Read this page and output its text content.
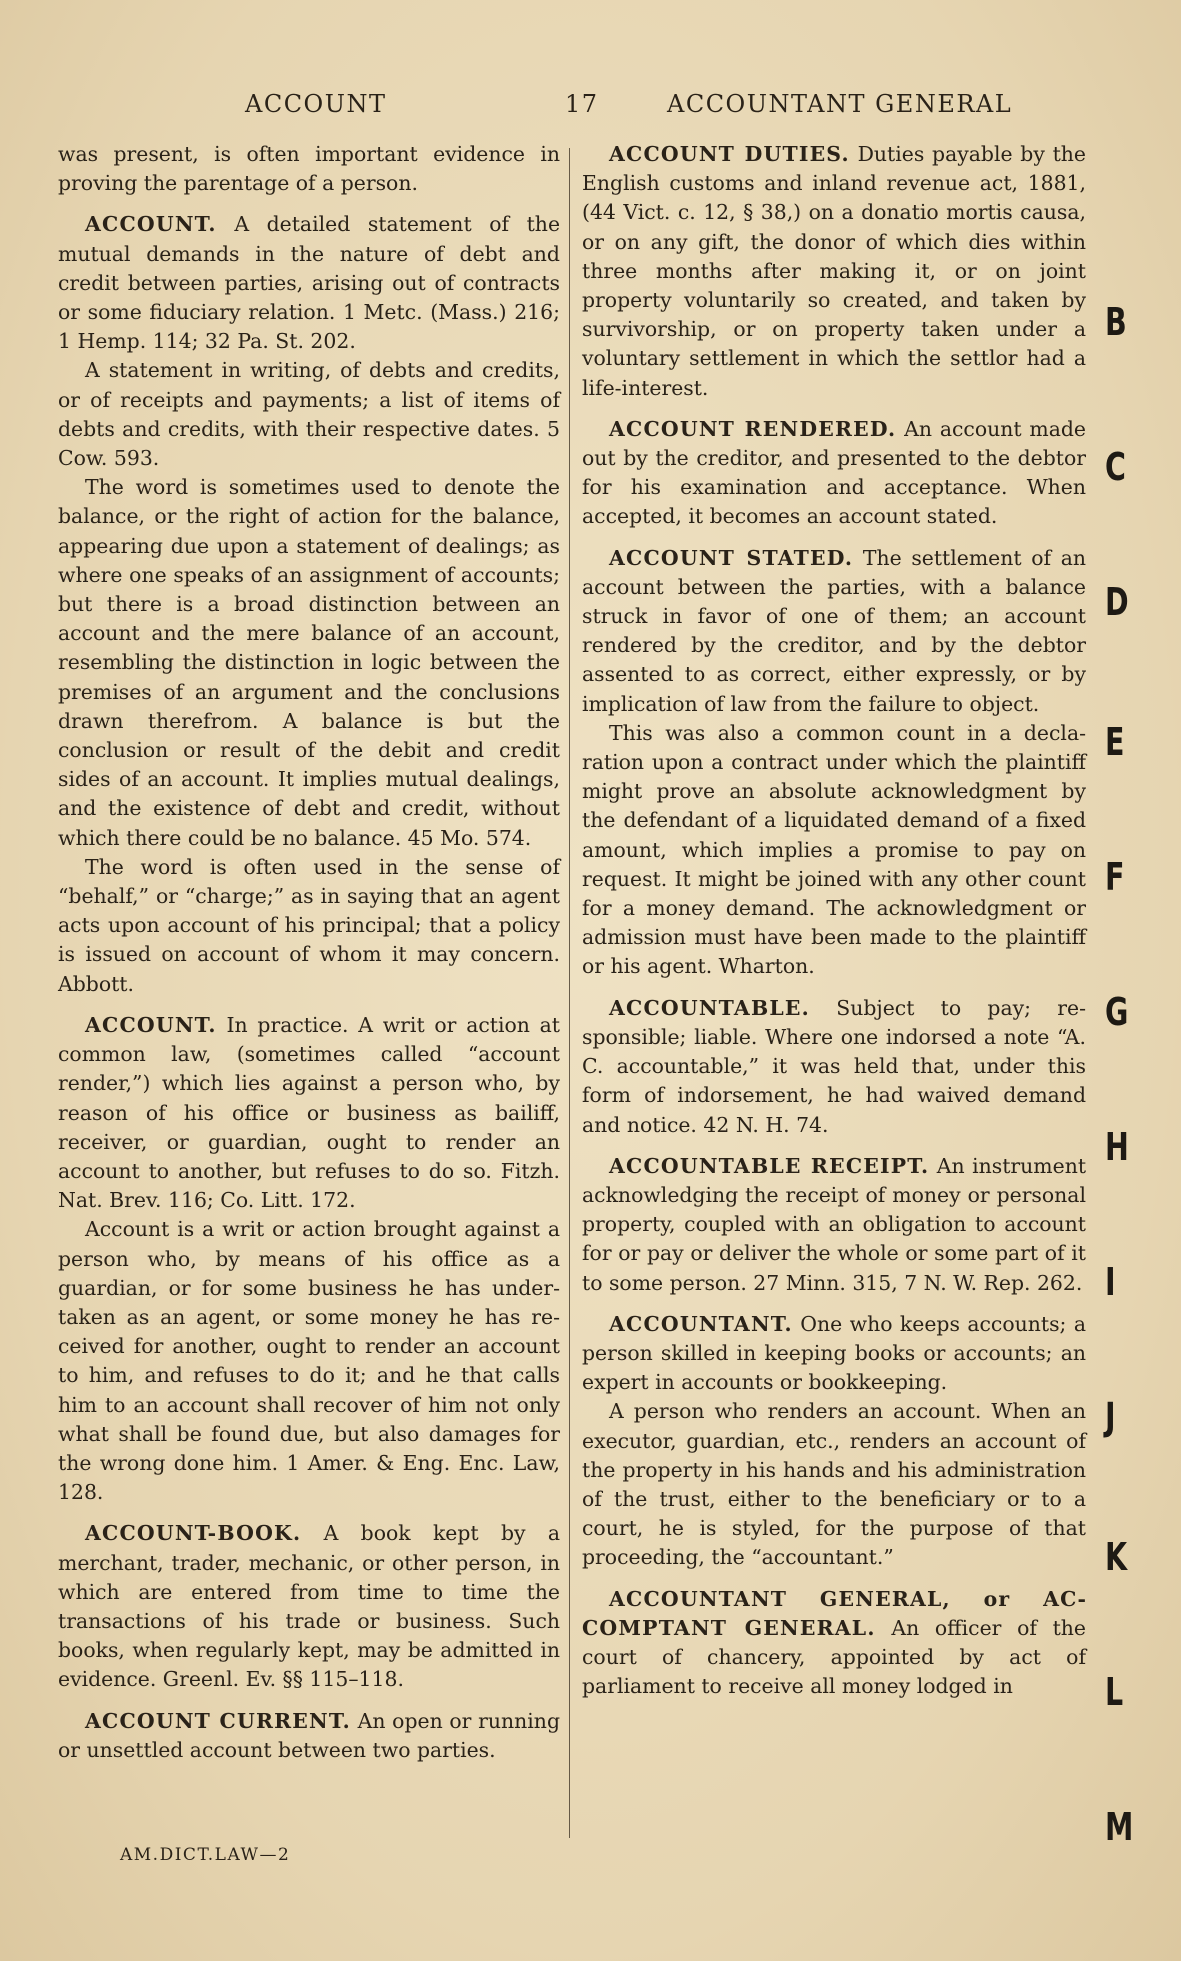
ACCOUNT	17	ACCOUNTANT GENERAL

was present, is often important evidence in proving the parentage of a person.

ACCOUNT. A detailed statement of the mutual demands in the nature of debt and credit between parties, arising out of contracts or some fiduciary relation. 1 Metc. (Mass.) 216; 1 Hemp. 114; 32 Pa. St. 202.

A statement in writing, of debts and credits, or of receipts and payments; a list of items of debts and credits, with their respective dates. 5 Cow. 593.

The word is sometimes used to denote the balance, or the right of action for the balance, appearing due upon a statement of dealings; as where one speaks of an assignment of accounts; but there is a broad distinction between an account and the mere balance of an account, resembling the distinction in logic between the premises of an argument and the conclusions drawn therefrom. A balance is but the conclusion or result of the debit and credit sides of an account. It implies mutual dealings, and the existence of debt and credit, without which there could be no balance. 45 Mo. 574.

The word is often used in the sense of “behalf,” or “charge;” as in saying that an agent acts upon account of his principal; that a policy is issued on account of whom it may concern. Abbott.

ACCOUNT. In practice. A writ or action at common law, (sometimes called “account render,”) which lies against a person who, by reason of his office or business as bailiff, receiver, or guardian, ought to render an account to another, but refuses to do so. Fitzh. Nat. Brev. 116; Co. Litt. 172.

Account is a writ or action brought against a person who, by means of his office as a guardian, or for some business he has undertaken as an agent, or some money he has received for another, ought to render an account to him, and refuses to do it; and he that calls him to an account shall recover of him not only what shall be found due, but also damages for the wrong done him. 1 Amer. & Eng. Enc. Law, 128.

ACCOUNT-BOOK. A book kept by a merchant, trader, mechanic, or other person, in which are entered from time to time the transactions of his trade or business. Such books, when regularly kept, may be admitted in evidence. Greenl. Ev. §§ 115–118.

ACCOUNT CURRENT. An open or running or unsettled account between two parties.

ACCOUNT DUTIES. Duties payable by the English customs and inland revenue act, 1881, (44 Vict. c. 12, § 38,) on a donatio mortis causa, or on any gift, the donor of which dies within three months after making it, or on joint property voluntarily so created, and taken by survivorship, or on property taken under a voluntary settlement in which the settlor had a life-interest.

ACCOUNT RENDERED. An account made out by the creditor, and presented to the debtor for his examination and acceptance. When accepted, it becomes an account stated.

ACCOUNT STATED. The settlement of an account between the parties, with a balance struck in favor of one of them; an account rendered by the creditor, and by the debtor assented to as correct, either expressly, or by implication of law from the failure to object.

This was also a common count in a declaration upon a contract under which the plaintiff might prove an absolute acknowledgment by the defendant of a liquidated demand of a fixed amount, which implies a promise to pay on request. It might be joined with any other count for a money demand. The acknowledgment or admission must have been made to the plaintiff or his agent. Wharton.

ACCOUNTABLE. Subject to pay; responsible; liable. Where one indorsed a note “A. C. accountable,” it was held that, under this form of indorsement, he had waived demand and notice. 42 N. H. 74.

ACCOUNTABLE RECEIPT. An instrument acknowledging the receipt of money or personal property, coupled with an obligation to account for or pay or deliver the whole or some part of it to some person. 27 Minn. 315, 7 N. W. Rep. 262.

ACCOUNTANT. One who keeps accounts; a person skilled in keeping books or accounts; an expert in accounts or bookkeeping.

A person who renders an account. When an executor, guardian, etc., renders an account of the property in his hands and his administration of the trust, either to the beneficiary or to a court, he is styled, for the purpose of that proceeding, the “accountant.”

ACCOUNTANT GENERAL, or ACCOMPTANT GENERAL. An officer of the court of chancery, appointed by act of parliament to receive all money lodged in

AM.DICT.LAW—2
B
C
D
E
F
G
H
I
J
K
L
M
